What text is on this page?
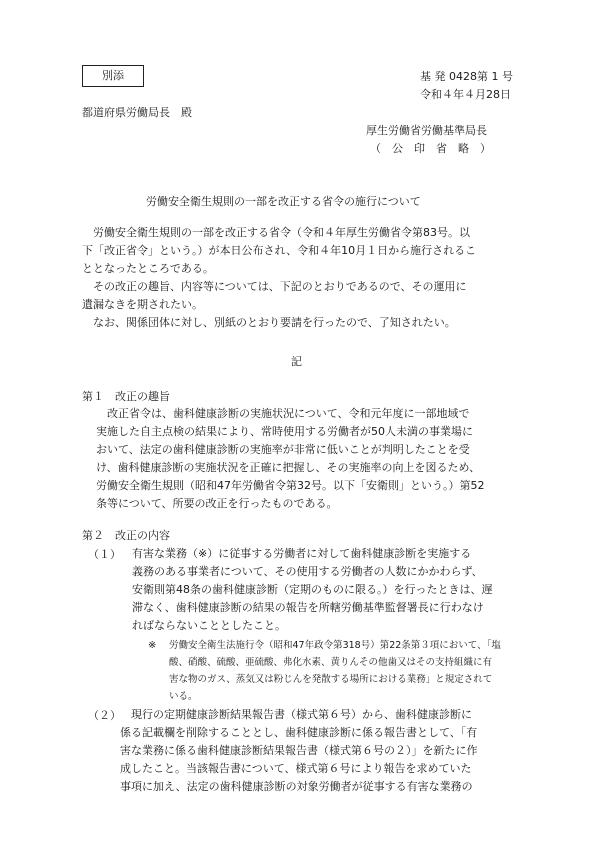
別添	基 発 0428第 1 号
令和４年４月28日
都道府県労働局長　殿
厚生労働省労働基準局長
（　公　印　省　略　）
労働安全衛生規則の一部を改正する省令の施行について
　労働安全衛生規則の一部を改正する省令（令和４年厚生労働省令第83号。以
下「改正省令」という。）が本日公布され、令和４年10月１日から施行されるこ
ととなったところである。
　その改正の趣旨、内容等については、下記のとおりであるので、その運用に
遺漏なきを期されたい。
　なお、関係団体に対し、別紙のとおり要請を行ったので、了知されたい。
記
第１　改正の趣旨
　改正省令は、歯科健康診断の実施状況について、令和元年度に一部地域で
実施した自主点検の結果により、常時使用する労働者が50人未満の事業場に
おいて、法定の歯科健康診断の実施率が非常に低いことが判明したことを受
け、歯科健康診断の実施状況を正確に把握し、その実施率の向上を図るため、
労働安全衛生規則（昭和47年労働省令第32号。以下「安衛則」という。）第52
条等について、所要の改正を行ったものである。
第２　改正の内容
（１） 有害な業務（※）に従事する労働者に対して歯科健康診断を実施する
義務のある事業者について、その使用する労働者の人数にかかわらず、
安衛則第48条の歯科健康診断（定期のものに限る。）を行ったときは、遅
滞なく、歯科健康診断の結果の報告を所轄労働基準監督署長に行わなけ
ればならないこととしたこと。
※ 労働安全衛生法施行令（昭和47年政令第318号）第22条第３項において、「塩
酸、硝酸、硫酸、亜硫酸、弗化水素、黄りんその他歯又はその支持組織に有
害な物のガス、蒸気又は粉じんを発散する場所における業務」と規定されて
いる。
（２） 　現行の定期健康診断結果報告書（様式第６号）から、歯科健康診断に
係る記載欄を削除することとし、歯科健康診断に係る報告書として、「有
害な業務に係る歯科健康診断結果報告書（様式第６号の２）」を新たに作
成したこと。当該報告書について、様式第６号により報告を求めていた
事項に加え、法定の歯科健康診断の対象労働者が従事する有害な業務の
